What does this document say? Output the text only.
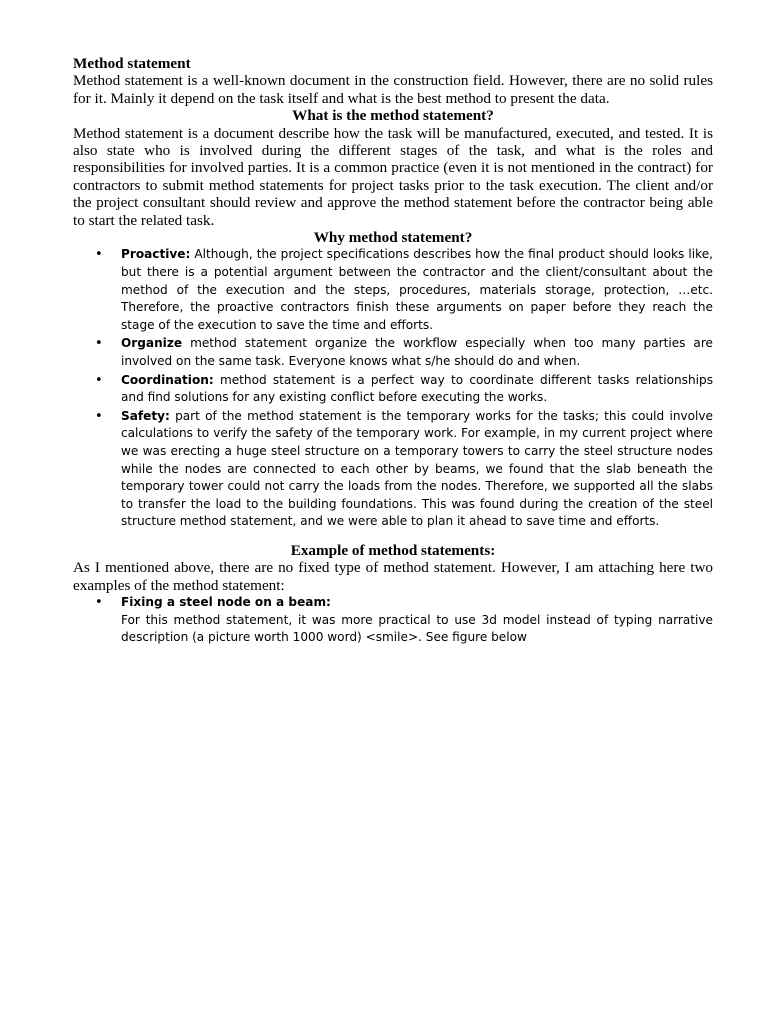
Method statement

Method statement is a well-known document in the construction field. However, there are no solid rules for it. Mainly it depend on the task itself and what is the best method to present the data.

What is the method statement?

Method statement is a document describe how the task will be manufactured, executed, and tested. It is also state who is involved during the different stages of the task, and what is the roles and responsibilities for involved parties. It is a common practice (even it is not mentioned in the contract) for contractors to submit method statements for project tasks prior to the task execution. The client and/or the project consultant should review and approve the method statement before the contractor being able to start the related task.

Why method statement?

• Proactive: Although, the project specifications describes how the final product should looks like, but there is a potential argument between the contractor and the client/consultant about the method of the execution and the steps, procedures, materials storage, protection, …etc. Therefore, the proactive contractors finish these arguments on paper before they reach the stage of the execution to save the time and efforts.
• Organize method statement organize the workflow especially when too many parties are involved on the same task. Everyone knows what s/he should do and when.
• Coordination: method statement is a perfect way to coordinate different tasks relationships and find solutions for any existing conflict before executing the works.
• Safety: part of the method statement is the temporary works for the tasks; this could involve calculations to verify the safety of the temporary work. For example, in my current project where we was erecting a huge steel structure on a temporary towers to carry the steel structure nodes while the nodes are connected to each other by beams, we found that the slab beneath the temporary tower could not carry the loads from the nodes. Therefore, we supported all the slabs to transfer the load to the building foundations. This was found during the creation of the steel structure method statement, and we were able to plan it ahead to save time and efforts.

Example of method statements:

As I mentioned above, there are no fixed type of method statement. However, I am attaching here two examples of the method statement:

• Fixing a steel node on a beam:
For this method statement, it was more practical to use 3d model instead of typing narrative description (a picture worth 1000 word) <smile>. See figure below
